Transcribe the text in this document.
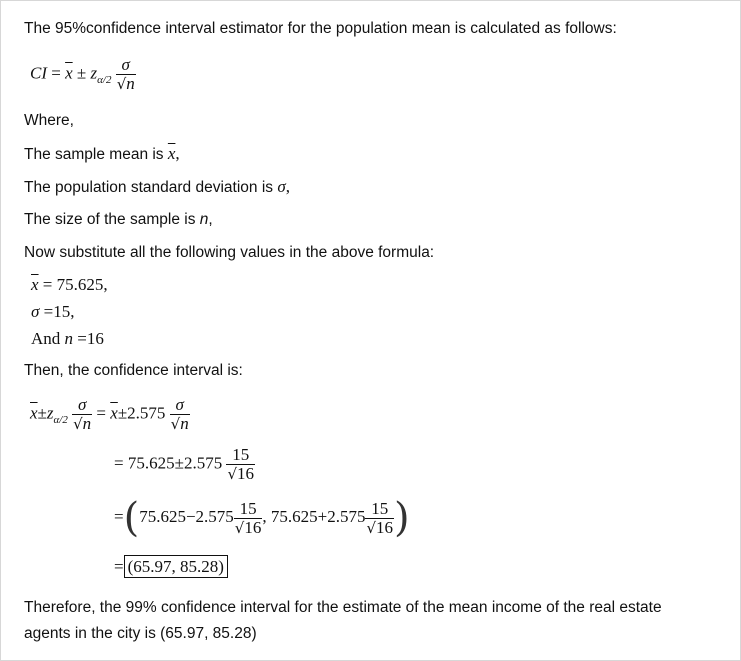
The 95%confidence interval estimator for the population mean is calculated as follows:
CI = $\overline{x} \pm z_{\alpha/2} \frac{\sigma}{√n}$
Where,
The sample mean is $\overline{x}$,
The population standard deviation is σ,
The size of the sample is n,
Now substitute all the following values in the above formula:
$\overline{x} = 75.625$,
σ =15,
And n =16
Then, the confidence interval is:
$\overline{x}\pm z_{\alpha/2} \frac{\sigma}{√n} = \overline{x}\pm 2.575 \frac{\sigma}{√n}$
= $75.625\pm 2.575 \frac{15}{√16}$
$=(75.625-2.575 \frac{15}{√16}$ , $75.625+2.575 \frac{15}{√16}$ )
= (65.97, 85.28)
Therefore, the 99% confidence interval for the estimate of the mean income of the real estate
agents in the city is (65.97, 85.28)
